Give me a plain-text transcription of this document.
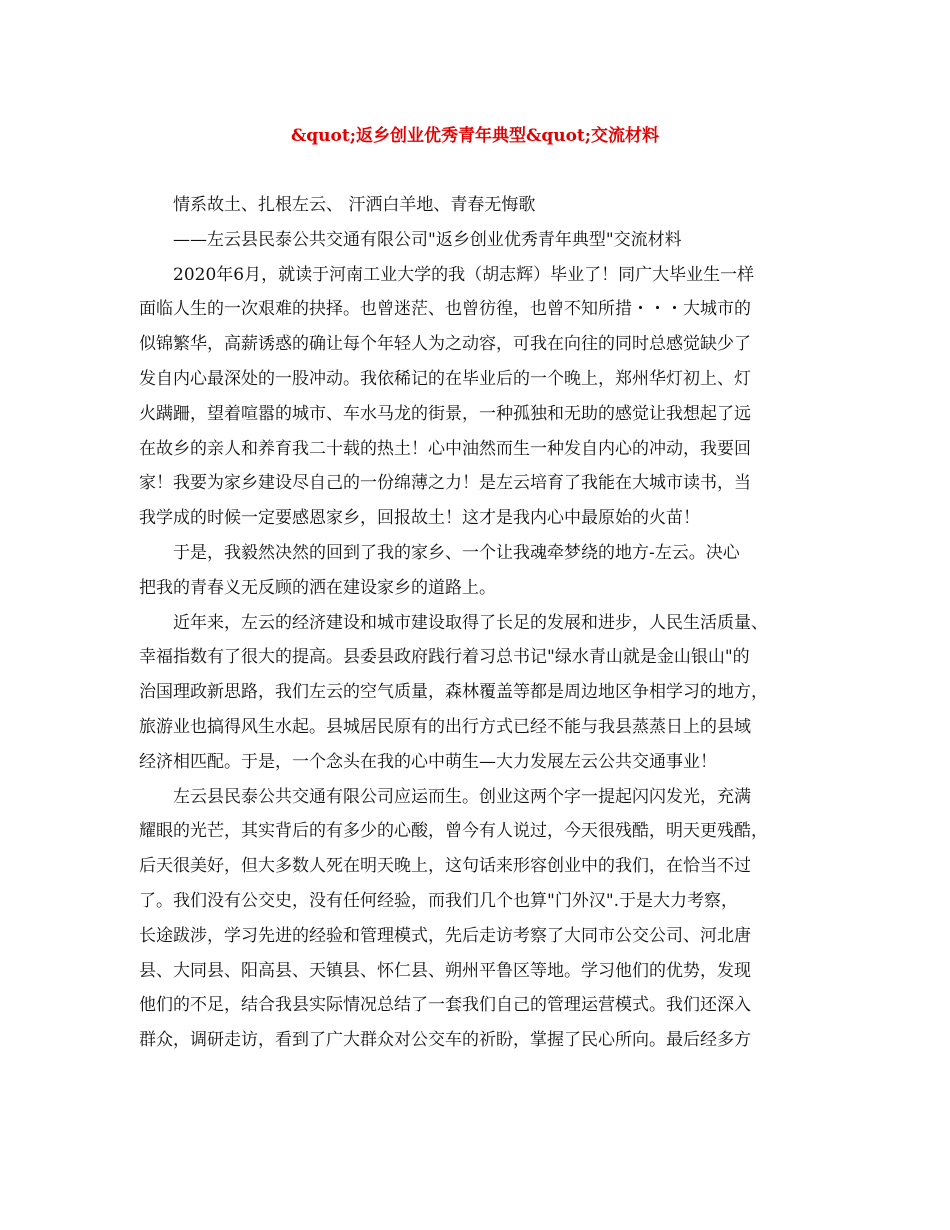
&quot;返乡创业优秀青年典型&quot;交流材料
情系故土、扎根左云、 汗洒白羊地、青春无悔歌
——左云县民泰公共交通有限公司"返乡创业优秀青年典型"交流材料
2020年6月，就读于河南工业大学的我（胡志辉）毕业了！同广大毕业生一样
面临人生的一次艰难的抉择。也曾迷茫、也曾彷徨，也曾不知所措・・・大城市的
似锦繁华，高薪诱惑的确让每个年轻人为之动容，可我在向往的同时总感觉缺少了
发自内心最深处的一股冲动。我依稀记的在毕业后的一个晚上，郑州华灯初上、灯
火蹒跚，望着喧嚣的城市、车水马龙的街景，一种孤独和无助的感觉让我想起了远
在故乡的亲人和养育我二十载的热土！心中油然而生一种发自内心的冲动，我要回
家！我要为家乡建设尽自己的一份绵薄之力！是左云培育了我能在大城市读书，当
我学成的时候一定要感恩家乡，回报故土！这才是我内心中最原始的火苗！
于是，我毅然决然的回到了我的家乡、一个让我魂牵梦绕的地方-左云。决心
把我的青春义无反顾的洒在建设家乡的道路上。
近年来，左云的经济建设和城市建设取得了长足的发展和进步，人民生活质量、
幸福指数有了很大的提高。县委县政府践行着习总书记"绿水青山就是金山银山"的
治国理政新思路，我们左云的空气质量，森林覆盖等都是周边地区争相学习的地方，
旅游业也搞得风生水起。县城居民原有的出行方式已经不能与我县蒸蒸日上的县域
经济相匹配。于是，一个念头在我的心中萌生—大力发展左云公共交通事业！
左云县民泰公共交通有限公司应运而生。创业这两个字一提起闪闪发光，充满
耀眼的光芒，其实背后的有多少的心酸，曾今有人说过，今天很残酷，明天更残酷，
后天很美好，但大多数人死在明天晚上，这句话来形容创业中的我们，在恰当不过
了。我们没有公交史，没有任何经验，而我们几个也算"门外汉".于是大力考察，
长途跋涉，学习先进的经验和管理模式，先后走访考察了大同市公交公司、河北唐
县、大同县、阳高县、天镇县、怀仁县、朔州平鲁区等地。学习他们的优势，发现
他们的不足，结合我县实际情况总结了一套我们自己的管理运营模式。我们还深入
群众，调研走访，看到了广大群众对公交车的祈盼，掌握了民心所向。最后经多方
